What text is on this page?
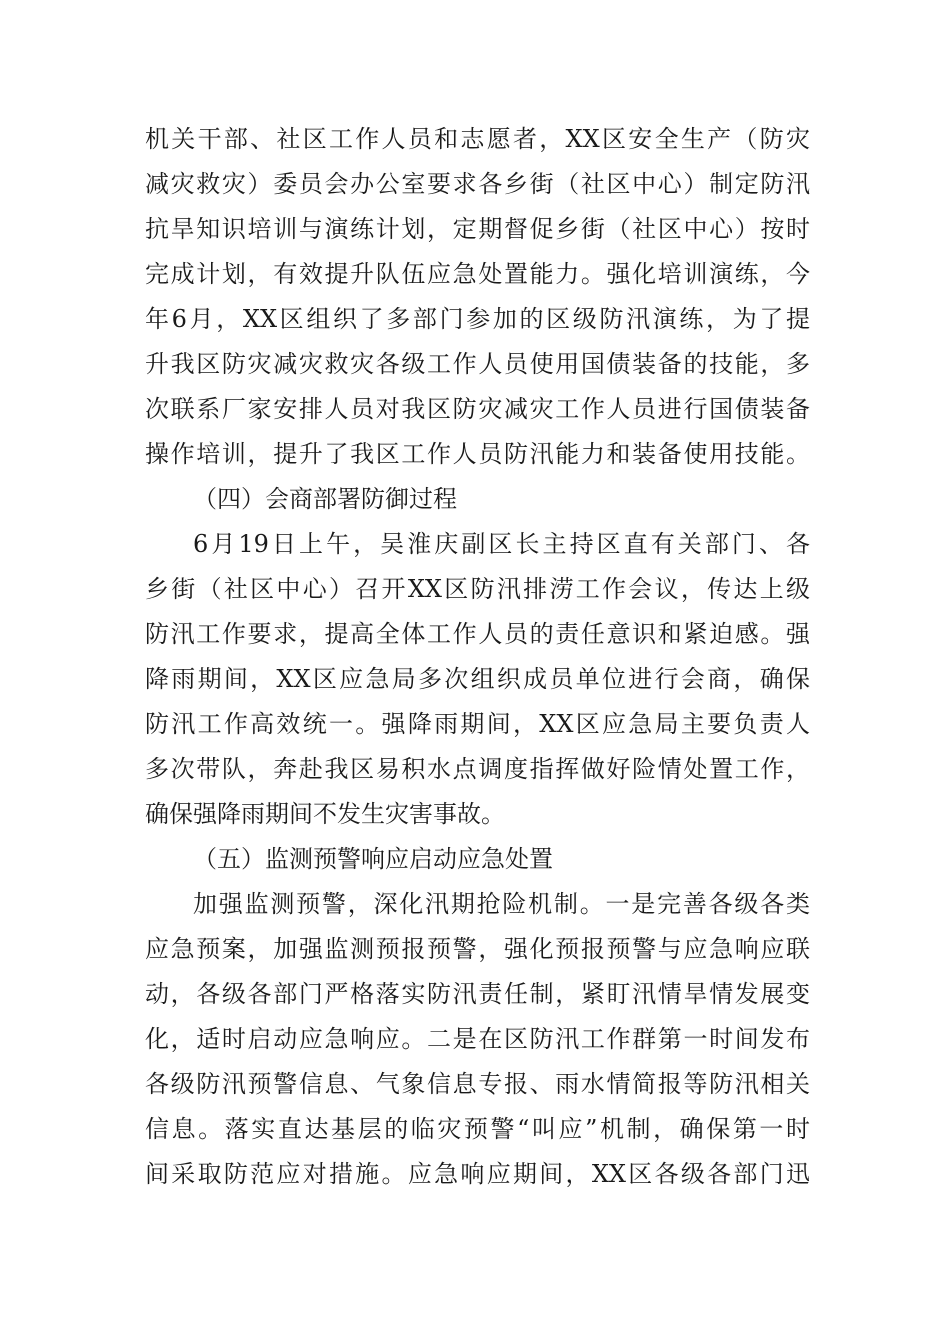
机关干部、社区工作人员和志愿者，XX区安全生产（防灾
减灾救灾）委员会办公室要求各乡街（社区中心）制定防汛
抗旱知识培训与演练计划，定期督促乡街（社区中心）按时
完成计划，有效提升队伍应急处置能力。强化培训演练，今
年6月，XX区组织了多部门参加的区级防汛演练，为了提
升我区防灾减灾救灾各级工作人员使用国债装备的技能，多
次联系厂家安排人员对我区防灾减灾工作人员进行国债装备
操作培训，提升了我区工作人员防汛能力和装备使用技能。
（四）会商部署防御过程
6月19日上午，吴淮庆副区长主持区直有关部门、各
乡街（社区中心）召开XX区防汛排涝工作会议，传达上级
防汛工作要求，提高全体工作人员的责任意识和紧迫感。强
降雨期间，XX区应急局多次组织成员单位进行会商，确保
防汛工作高效统一。强降雨期间，XX区应急局主要负责人
多次带队，奔赴我区易积水点调度指挥做好险情处置工作，
确保强降雨期间不发生灾害事故。
（五）监测预警响应启动应急处置
加强监测预警，深化汛期抢险机制。一是完善各级各类
应急预案，加强监测预报预警，强化预报预警与应急响应联
动，各级各部门严格落实防汛责任制，紧盯汛情旱情发展变
化，适时启动应急响应。二是在区防汛工作群第一时间发布
各级防汛预警信息、气象信息专报、雨水情简报等防汛相关
信息。落实直达基层的临灾预警“叫应”机制，确保第一时
间采取防范应对措施。应急响应期间，XX区各级各部门迅
